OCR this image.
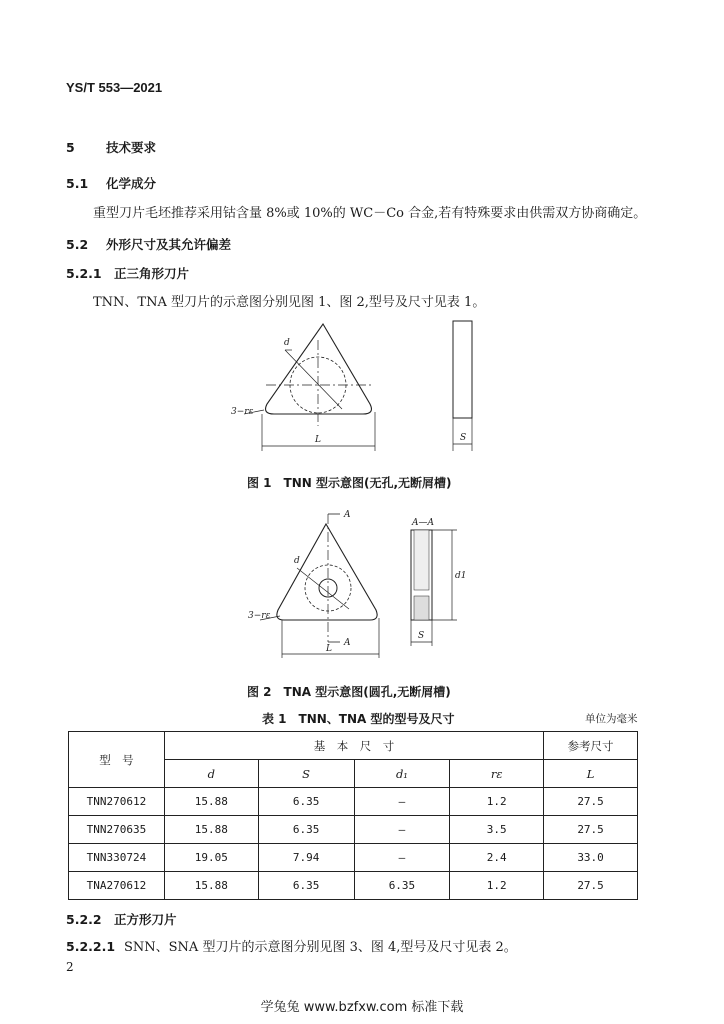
YS/T 553—2021
5	技术要求
5.1 化学成分
重型刀片毛坯推荐采用钴含量 8%或 10%的 WC－Co 合金,若有特殊要求由供需双方协商确定。
5.2 外形尺寸及其允许偏差
5.2.1 正三角形刀片
TNN、TNA 型刀片的示意图分别见图 1、图 2,型号及尺寸见表 1。
d
3−rε
L	S
图 1　TNN 型示意图(无孔,无断屑槽)
A
A
d
3−rε
L
S
A—A
d1
图 2　TNA 型示意图(圆孔,无断屑槽)
表 1　TNN、TNA 型的型号及尺寸	单位为毫米
型　号	基　本　尺　寸				参考尺寸
	d	S	d₁	rε	L
TNN270612	15.88	6.35	—	1.2	27.5
TNN270635	15.88	6.35	—	3.5	27.5
TNN330724	19.05	7.94	—	2.4	33.0
TNA270612	15.88	6.35	6.35	1.2	27.5
5.2.2 正方形刀片
5.2.2.1 SNN、SNA 型刀片的示意图分别见图 3、图 4,型号及尺寸见表 2。
2
学兔兔 www.bzfxw.com 标准下载
